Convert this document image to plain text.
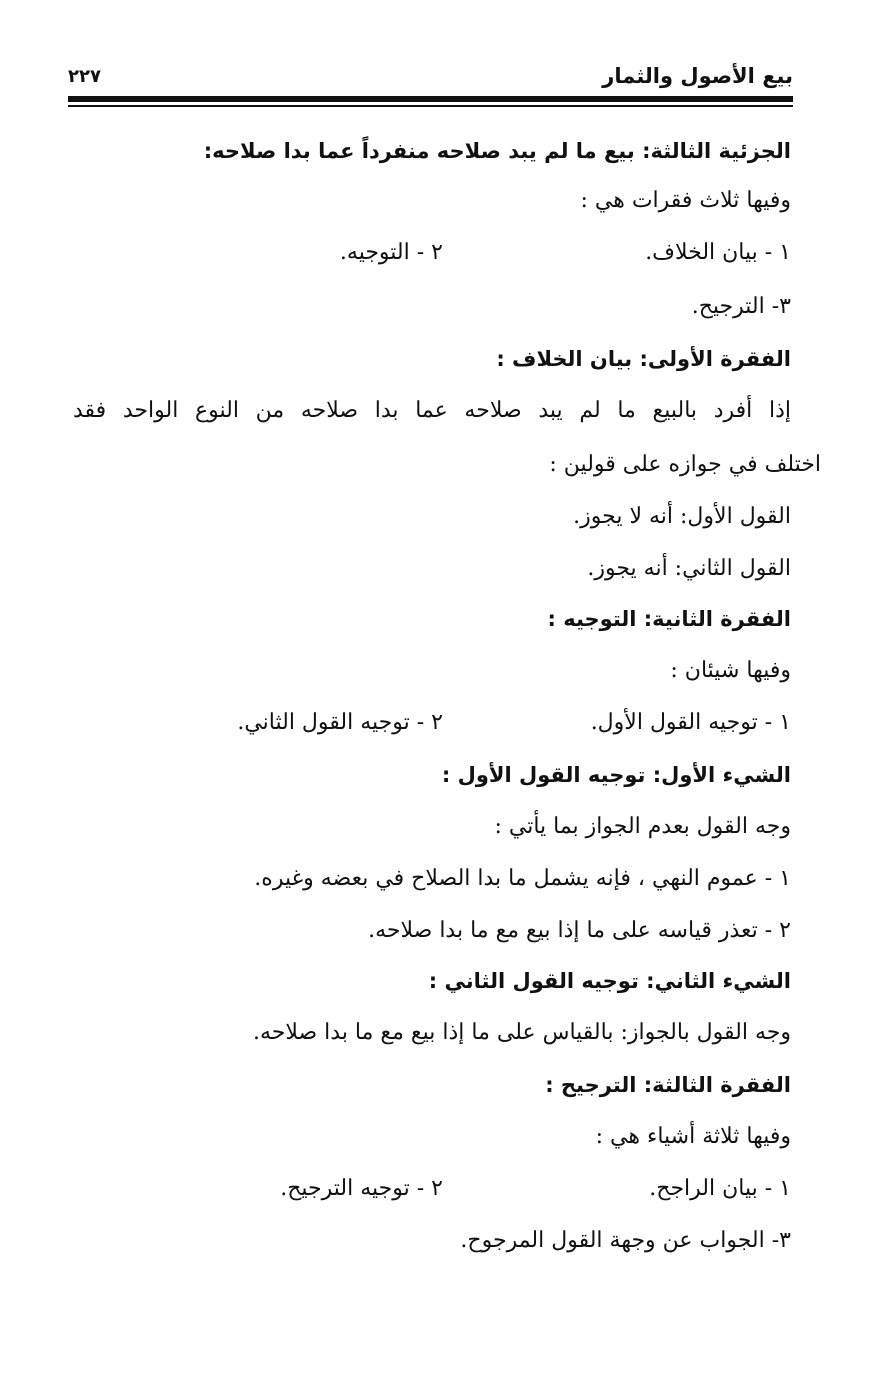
بيع الأصول والثمار
٢٢٧
الجزئية الثالثة: بيع ما لم يبد صلاحه منفرداً عما بدا صلاحه:
وفيها ثلاث فقرات هي :
١ - بيان الخلاف.
٢ - التوجيه.
٣- الترجيح.
الفقرة الأولى: بيان الخلاف :
إذا أفرد بالبيع ما لم يبد صلاحه عما بدا صلاحه من النوع الواحد فقد
اختلف في جوازه على قولين :
القول الأول: أنه لا يجوز.
القول الثاني: أنه يجوز.
الفقرة الثانية: التوجيه :
وفيها شيئان :
١ - توجيه القول الأول.
٢ - توجيه القول الثاني.
الشيء الأول: توجيه القول الأول :
وجه القول بعدم الجواز بما يأتي :
١ - عموم النهي ، فإنه يشمل ما بدا الصلاح في بعضه وغيره.
٢ - تعذر قياسه على ما إذا بيع مع ما بدا صلاحه.
الشيء الثاني: توجيه القول الثاني :
وجه القول بالجواز: بالقياس على ما إذا بيع مع ما بدا صلاحه.
الفقرة الثالثة: الترجيح :
وفيها ثلاثة أشياء هي :
١ - بيان الراجح.
٢ - توجيه الترجيح.
٣- الجواب عن وجهة القول المرجوح.
